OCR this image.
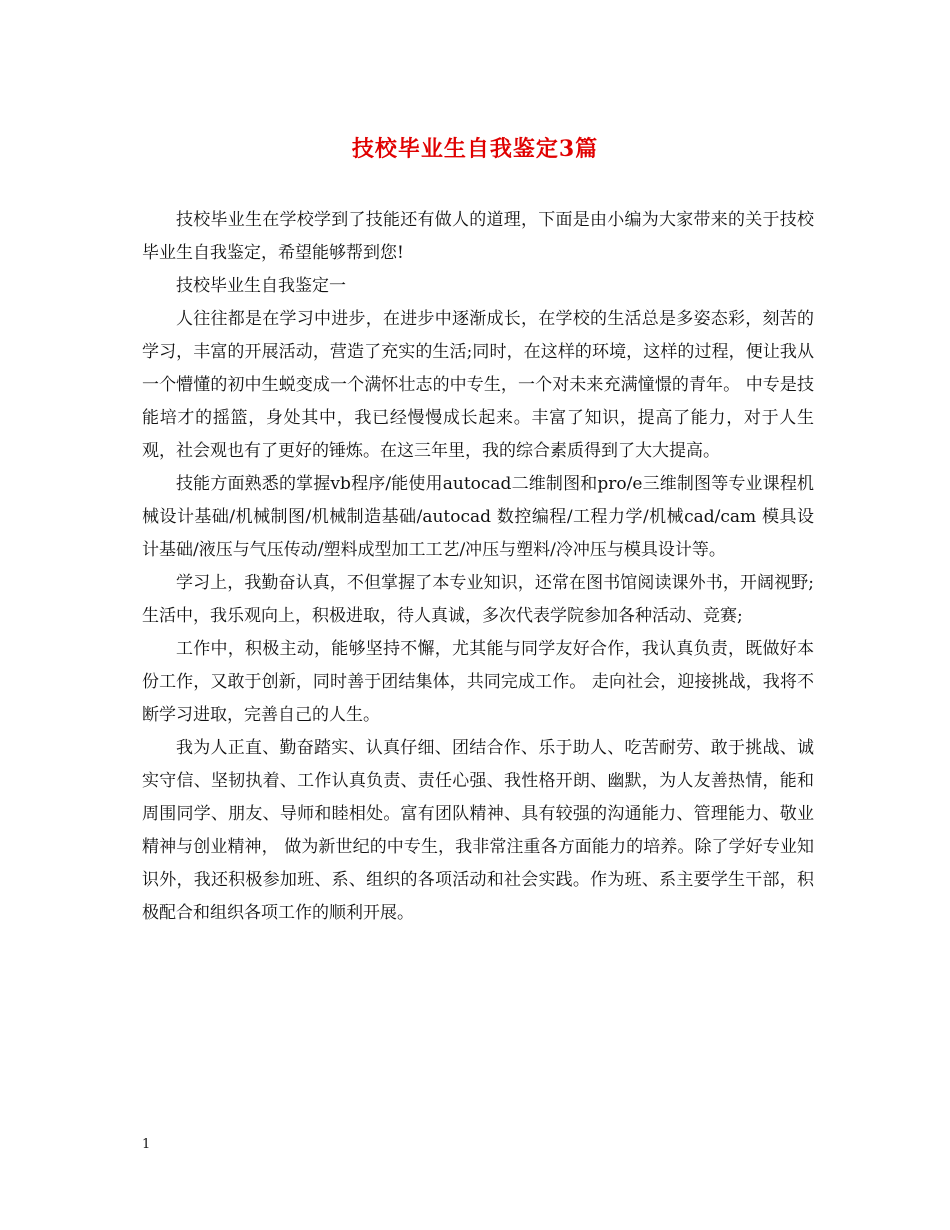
技校毕业生自我鉴定3篇

技校毕业生在学校学到了技能还有做人的道理，下面是由小编为大家带来的关于技校毕业生自我鉴定，希望能够帮到您!

技校毕业生自我鉴定一

人往往都是在学习中进步，在进步中逐渐成长，在学校的生活总是多姿态彩，刻苦的学习，丰富的开展活动，营造了充实的生活;同时，在这样的环境，这样的过程，便让我从一个懵懂的初中生蜕变成一个满怀壮志的中专生，一个对未来充满憧憬的青年。 中专是技能培才的摇篮，身处其中，我已经慢慢成长起来。丰富了知识，提高了能力，对于人生观，社会观也有了更好的锤炼。在这三年里，我的综合素质得到了大大提高。

技能方面熟悉的掌握vb程序/能使用autocad二维制图和pro/e三维制图等专业课程机械设计基础/机械制图/机械制造基础/autocad 数控编程/工程力学/机械cad/cam 模具设计基础/液压与气压传动/塑料成型加工工艺/冲压与塑料/冷冲压与模具设计等。

学习上，我勤奋认真，不但掌握了本专业知识，还常在图书馆阅读课外书，开阔视野;生活中，我乐观向上，积极进取，待人真诚，多次代表学院参加各种活动、竞赛;

工作中，积极主动，能够坚持不懈，尤其能与同学友好合作，我认真负责，既做好本份工作，又敢于创新，同时善于团结集体，共同完成工作。 走向社会，迎接挑战，我将不断学习进取，完善自己的人生。

我为人正直、勤奋踏实、认真仔细、团结合作、乐于助人、吃苦耐劳、敢于挑战、诚实守信、坚韧执着、工作认真负责、责任心强、我性格开朗、幽默，为人友善热情，能和周围同学、朋友、导师和睦相处。富有团队精神、具有较强的沟通能力、管理能力、敬业精神与创业精神， 做为新世纪的中专生，我非常注重各方面能力的培养。除了学好专业知识外，我还积极参加班、系、组织的各项活动和社会实践。作为班、系主要学生干部，积极配合和组织各项工作的顺利开展。

1
